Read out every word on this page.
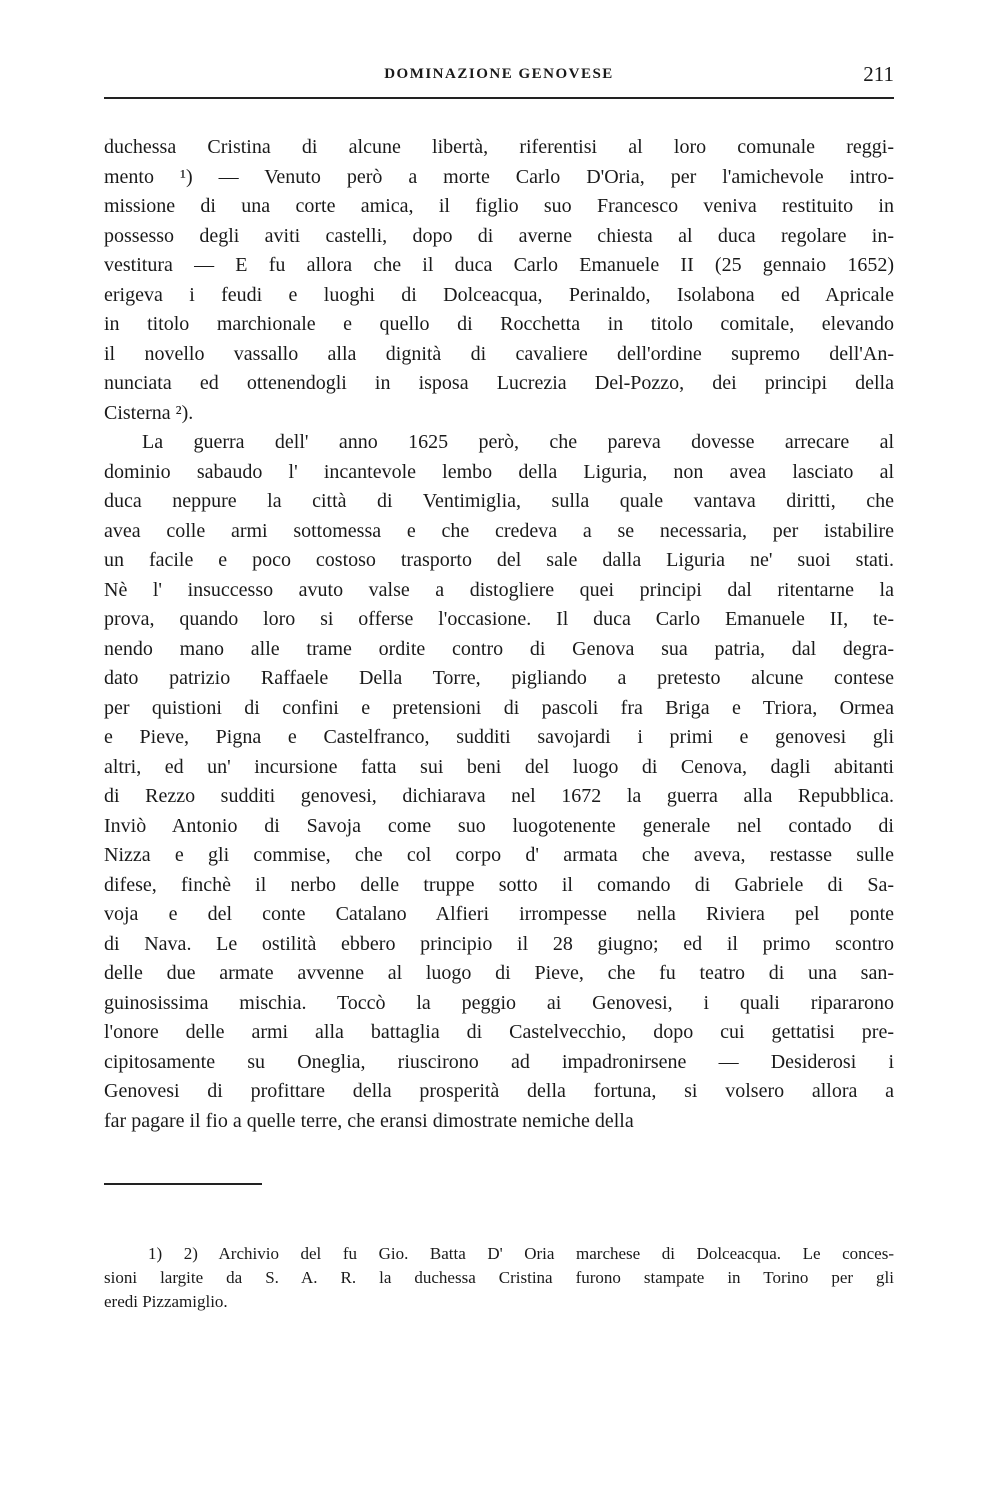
DOMINAZIONE GENOVESE	211
duchessa Cristina di alcune libertà, riferentisi al loro comunale reggi-
mento ¹) — Venuto però a morte Carlo D'Oria, per l'amichevole intro-
missione di una corte amica, il figlio suo Francesco veniva restituito in
possesso degli aviti castelli, dopo di averne chiesta al duca regolare in-
vestitura — E fu allora che il duca Carlo Emanuele II (25 gennaio 1652)
erigeva i feudi e luoghi di Dolceacqua, Perinaldo, Isolabona ed Apricale
in titolo marchionale e quello di Rocchetta in titolo comitale, elevando
il novello vassallo alla dignità di cavaliere dell'ordine supremo dell'An-
nunciata ed ottenendogli in isposa Lucrezia Del-Pozzo, dei principi della
Cisterna ²).
La guerra dell' anno 1625 però, che pareva dovesse arrecare al
dominio sabaudo l' incantevole lembo della Liguria, non avea lasciato al
duca neppure la città di Ventimiglia, sulla quale vantava diritti, che
avea colle armi sottomessa e che credeva a se necessaria, per istabilire
un facile e poco costoso trasporto del sale dalla Liguria ne' suoi stati.
Nè l' insuccesso avuto valse a distogliere quei principi dal ritentarne la
prova, quando loro si offerse l'occasione. Il duca Carlo Emanuele II, te-
nendo mano alle trame ordite contro di Genova sua patria, dal degra-
dato patrizio Raffaele Della Torre, pigliando a pretesto alcune contese
per quistioni di confini e pretensioni di pascoli fra Briga e Triora, Ormea
e Pieve, Pigna e Castelfranco, sudditi savojardi i primi e genovesi gli
altri, ed un' incursione fatta sui beni del luogo di Cenova, dagli abitanti
di Rezzo sudditi genovesi, dichiarava nel 1672 la guerra alla Repubblica.
Inviò Antonio di Savoja come suo luogotenente generale nel contado di
Nizza e gli commise, che col corpo d' armata che aveva, restasse sulle
difese, finchè il nerbo delle truppe sotto il comando di Gabriele di Sa-
voja e del conte Catalano Alfieri irrompesse nella Riviera pel ponte
di Nava. Le ostilità ebbero principio il 28 giugno; ed il primo scontro
delle due armate avvenne al luogo di Pieve, che fu teatro di una san-
guinosissima mischia. Toccò la peggio ai Genovesi, i quali ripararono
l'onore delle armi alla battaglia di Castelvecchio, dopo cui gettatisi pre-
cipitosamente su Oneglia, riuscirono ad impadronirsene — Desiderosi i
Genovesi di profittare della prosperità della fortuna, si volsero allora a
far pagare il fio a quelle terre, che eransi dimostrate nemiche della
1) 2) Archivio del fu Gio. Batta D' Oria marchese di Dolceacqua. Le conces-
sioni largite da S. A. R. la duchessa Cristina furono stampate in Torino per gli
eredi Pizzamiglio.
